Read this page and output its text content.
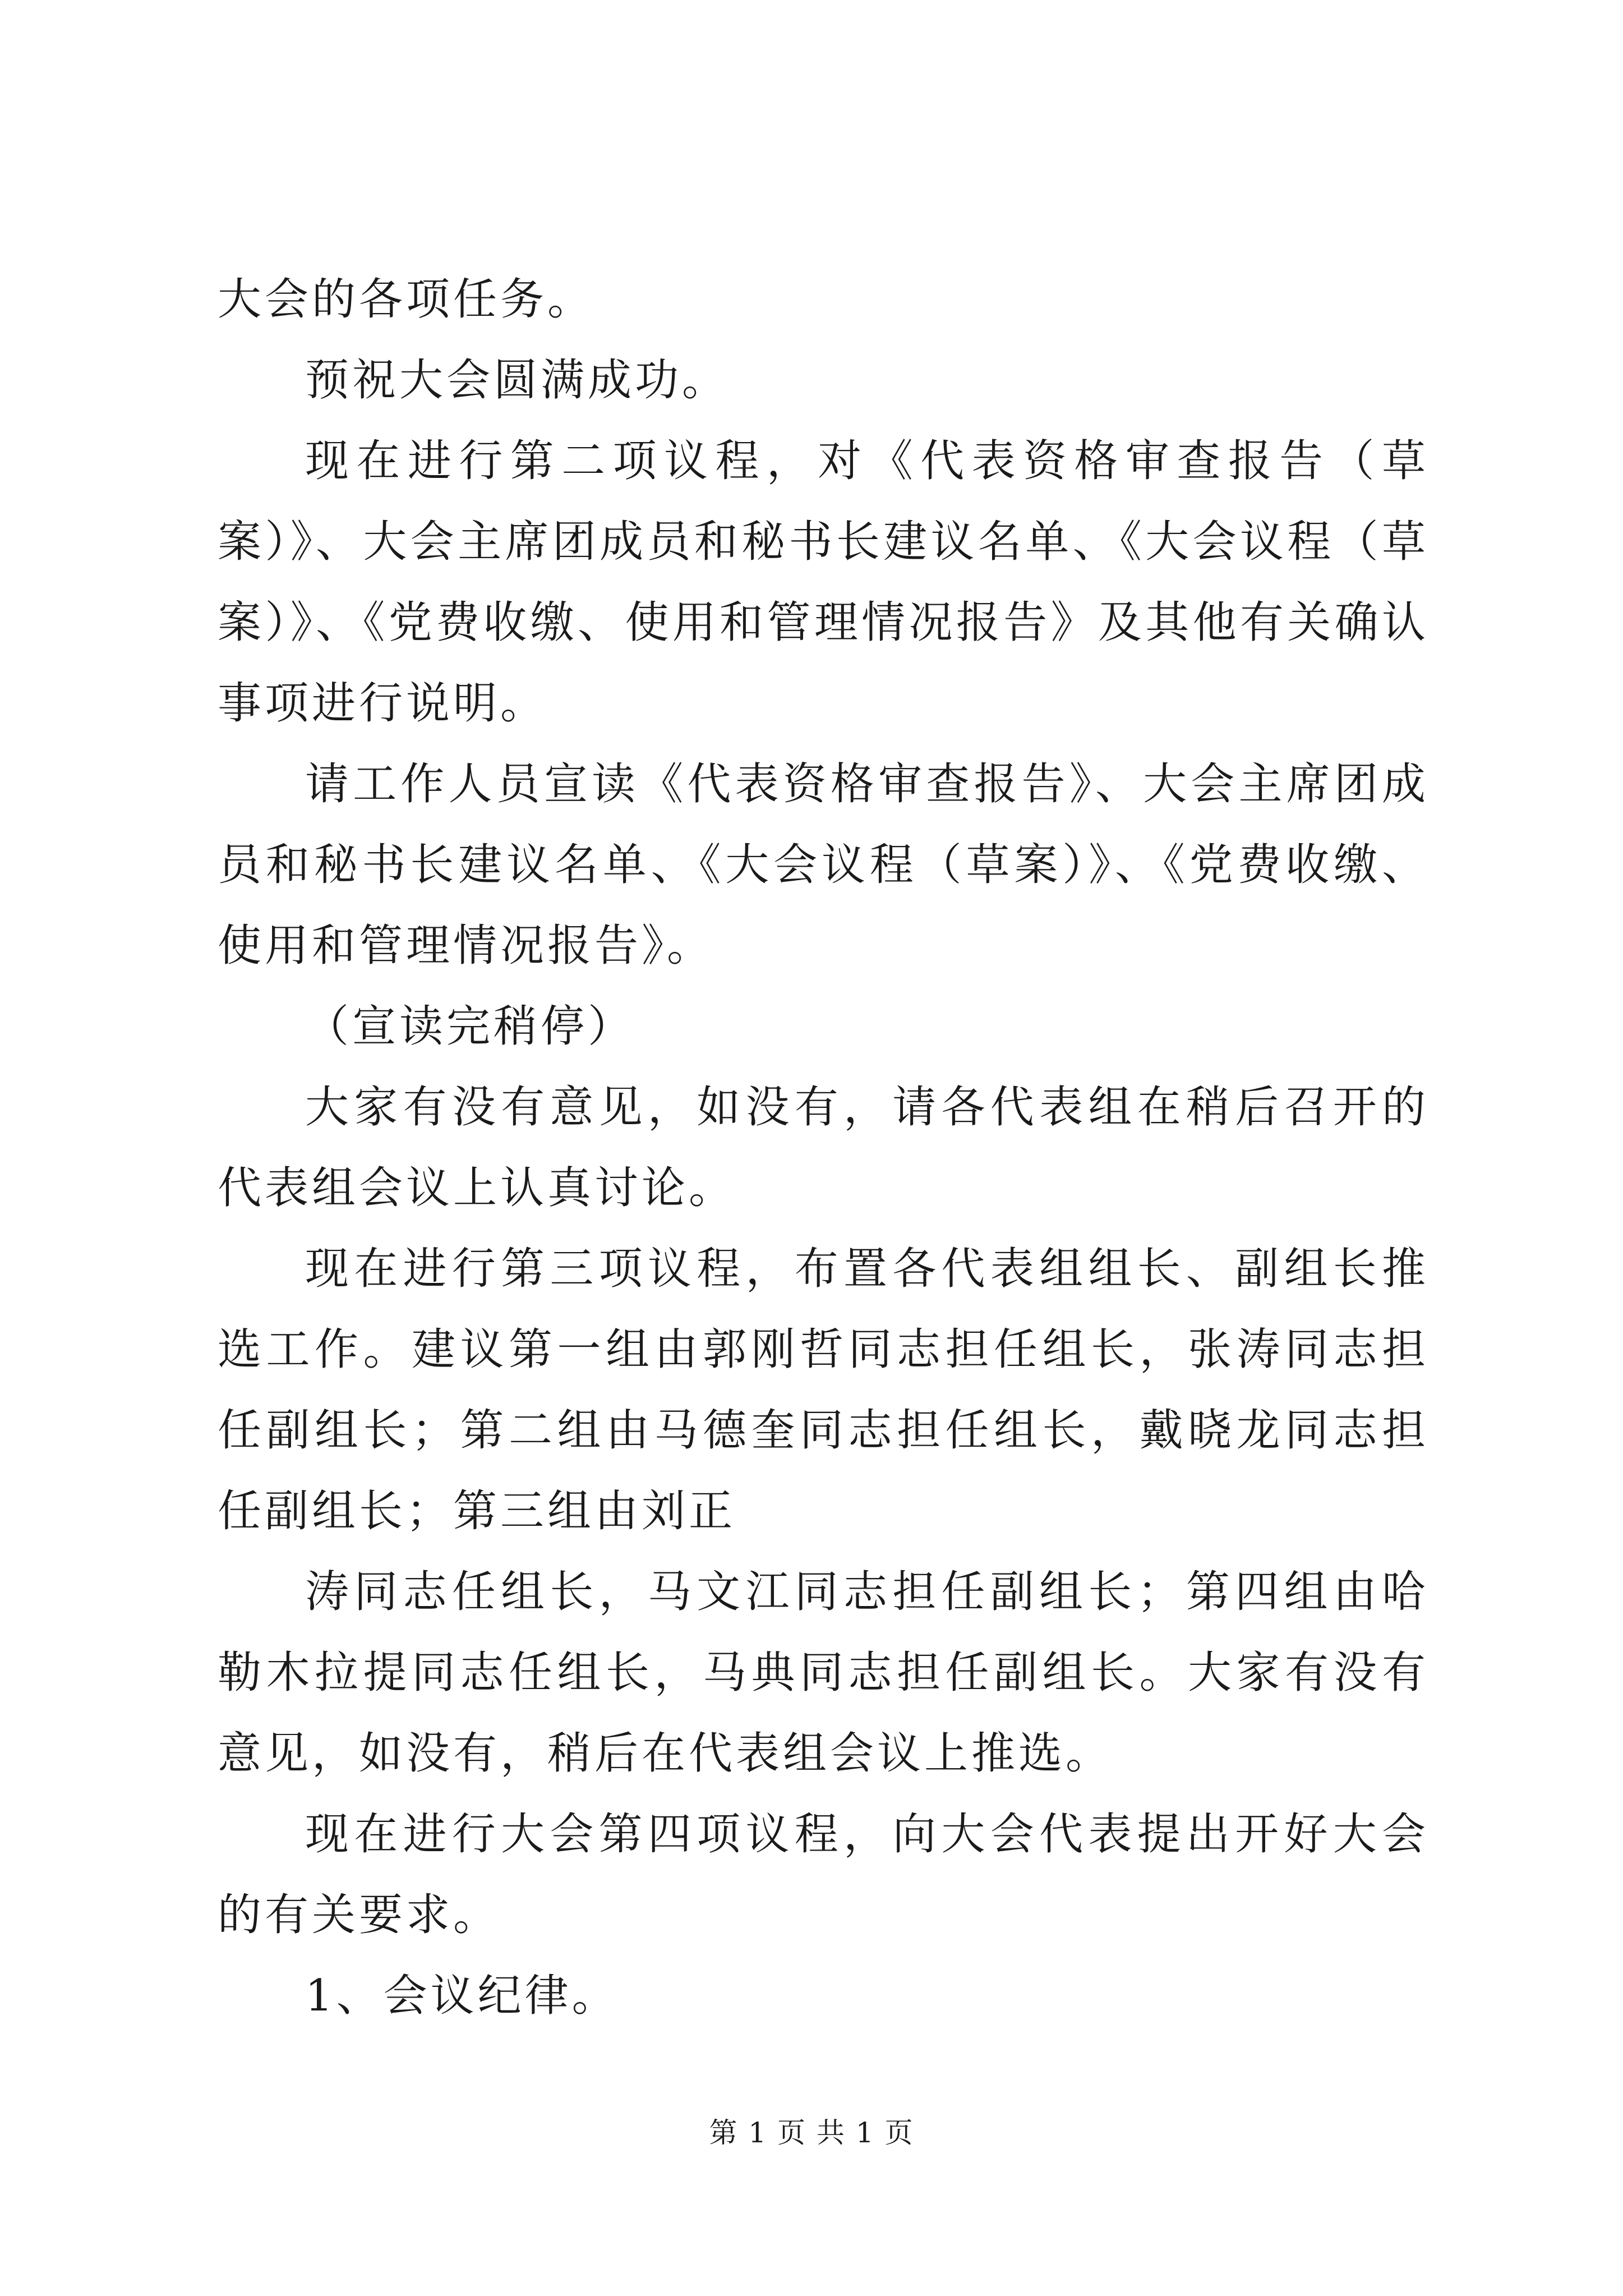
大会的各项任务。

预祝大会圆满成功。

现在进行第二项议程，对《代表资格审查报告（草案）》、大会主席团成员和秘书长建议名单、《大会议程（草案）》、《党费收缴、使用和管理情况报告》及其他有关确认事项进行说明。

请工作人员宣读《代表资格审查报告》、大会主席团成员和秘书长建议名单、《大会议程（草案）》、《党费收缴、使用和管理情况报告》。

（宣读完稍停）

大家有没有意见，如没有，请各代表组在稍后召开的代表组会议上认真讨论。

现在进行第三项议程，布置各代表组组长、副组长推选工作。建议第一组由郭刚哲同志担任组长，张涛同志担任副组长；第二组由马德奎同志担任组长，戴晓龙同志担任副组长；第三组由刘正

涛同志任组长，马文江同志担任副组长；第四组由哈勒木拉提同志任组长，马典同志担任副组长。大家有没有意见，如没有，稍后在代表组会议上推选。

现在进行大会第四项议程，向大会代表提出开好大会的有关要求。

1、会议纪律。

第 1 页 共 1 页
